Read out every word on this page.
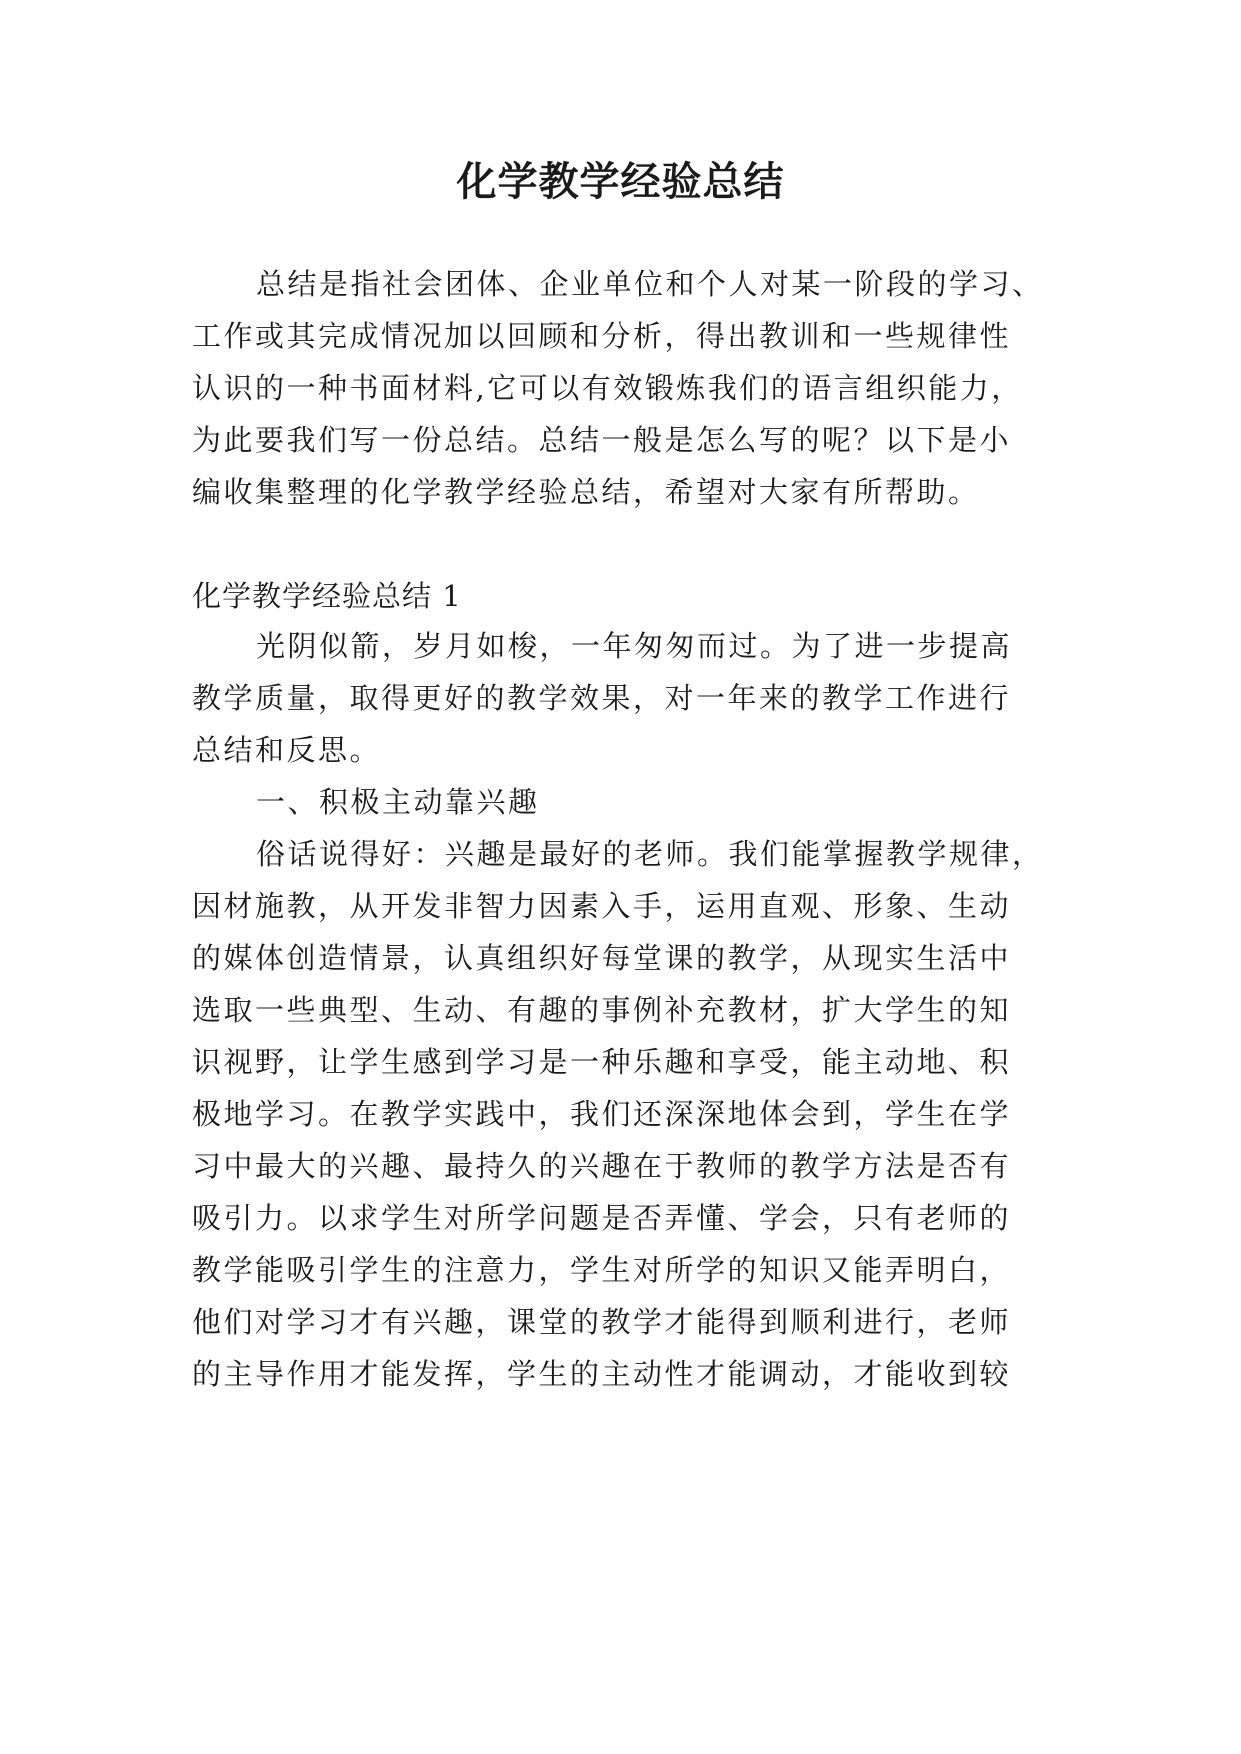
化学教学经验总结
总结是指社会团体、企业单位和个人对某一阶段的学习、
工作或其完成情况加以回顾和分析，得出教训和一些规律性
认识的一种书面材料,它可以有效锻炼我们的语言组织能力，
为此要我们写一份总结。总结一般是怎么写的呢？以下是小
编收集整理的化学教学经验总结，希望对大家有所帮助。
化学教学经验总结 1
光阴似箭，岁月如梭，一年匆匆而过。为了进一步提高
教学质量，取得更好的教学效果，对一年来的教学工作进行
总结和反思。
一、积极主动靠兴趣
俗话说得好：兴趣是最好的老师。我们能掌握教学规律，
因材施教，从开发非智力因素入手，运用直观、形象、生动
的媒体创造情景，认真组织好每堂课的教学，从现实生活中
选取一些典型、生动、有趣的事例补充教材，扩大学生的知
识视野，让学生感到学习是一种乐趣和享受，能主动地、积
极地学习。在教学实践中，我们还深深地体会到，学生在学
习中最大的兴趣、最持久的兴趣在于教师的教学方法是否有
吸引力。以求学生对所学问题是否弄懂、学会，只有老师的
教学能吸引学生的注意力，学生对所学的知识又能弄明白，
他们对学习才有兴趣，课堂的教学才能得到顺利进行，老师
的主导作用才能发挥，学生的主动性才能调动，才能收到较
